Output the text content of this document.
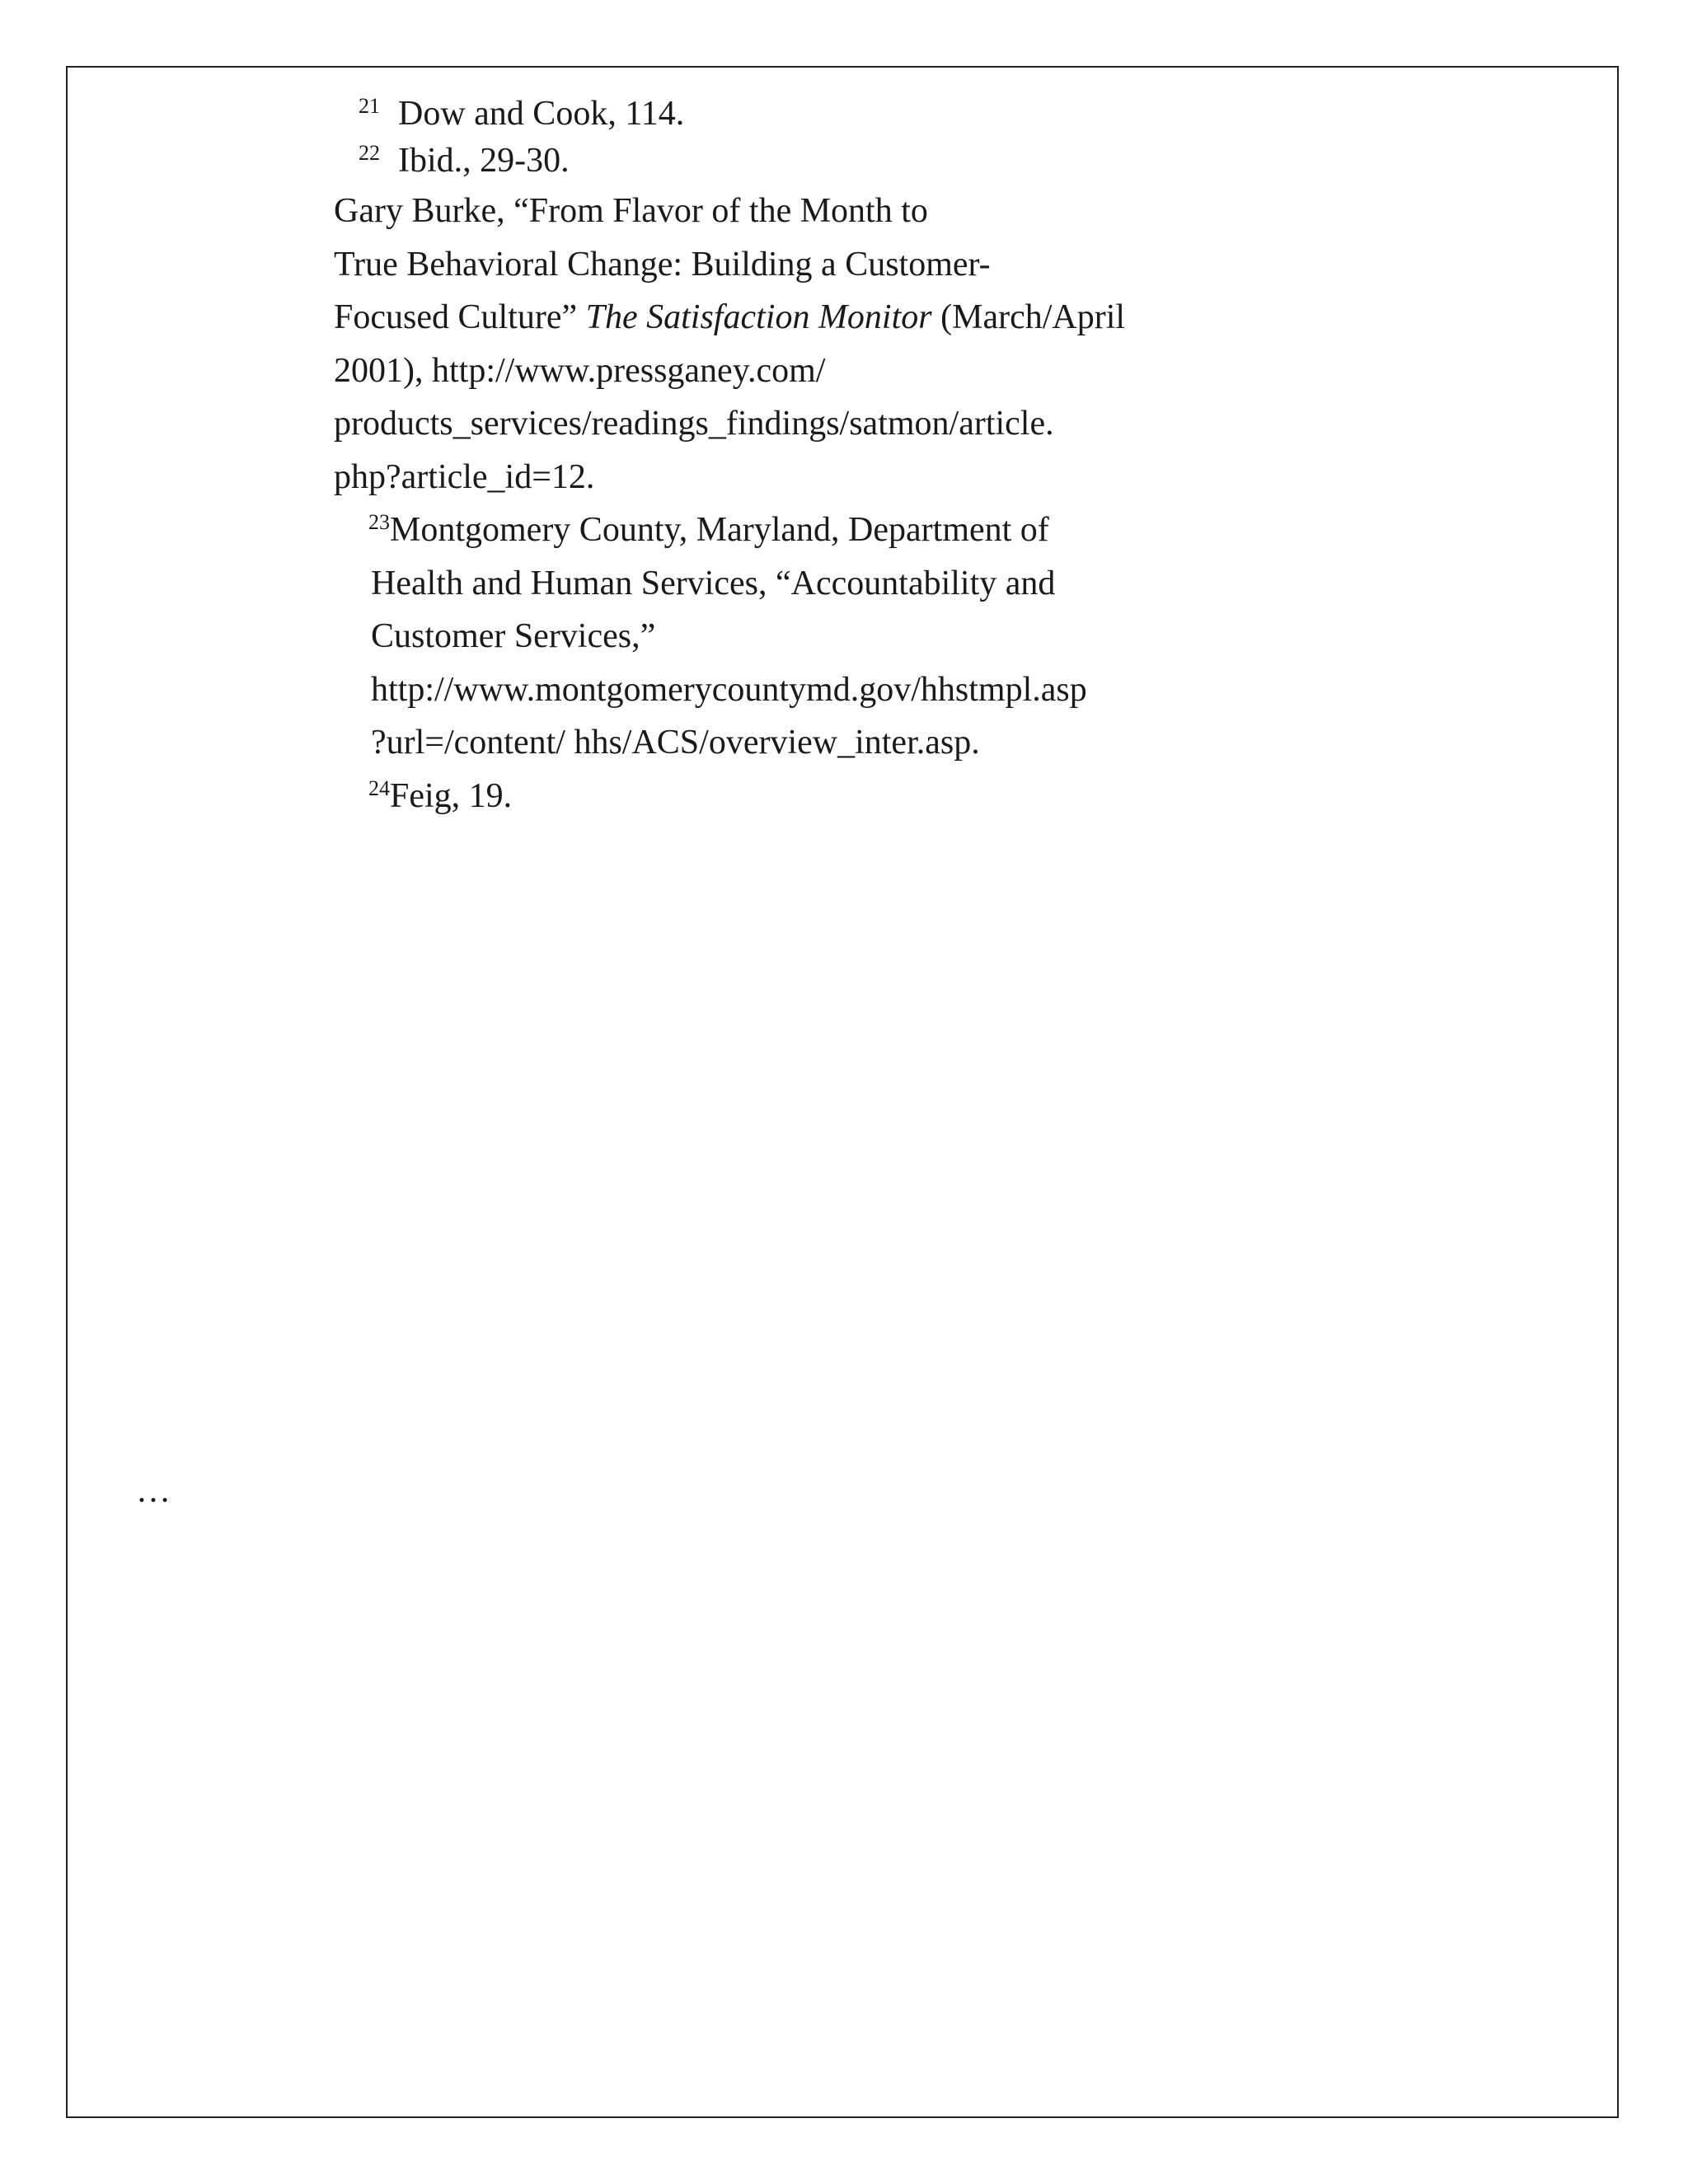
$^{21}$ Dow and Cook, 114.
$^{22}$ Ibid., 29-30.
Gary Burke, “From Flavor of the Month to
True Behavioral Change: Building a Customer-
Focused Culture” The Satisfaction Monitor (March/April
2001), http://www.pressganey.com/
products_services/readings_findings/satmon/article.
php?article_id=12.
$^{23}$Montgomery County, Maryland, Department of
Health and Human Services, “Accountability and
Customer Services,”
http://www.montgomerycountymd.gov/hhstmpl.asp
?url=/content/ hhs/ACS/overview_inter.asp.
$^{24}$Feig, 19.
…
